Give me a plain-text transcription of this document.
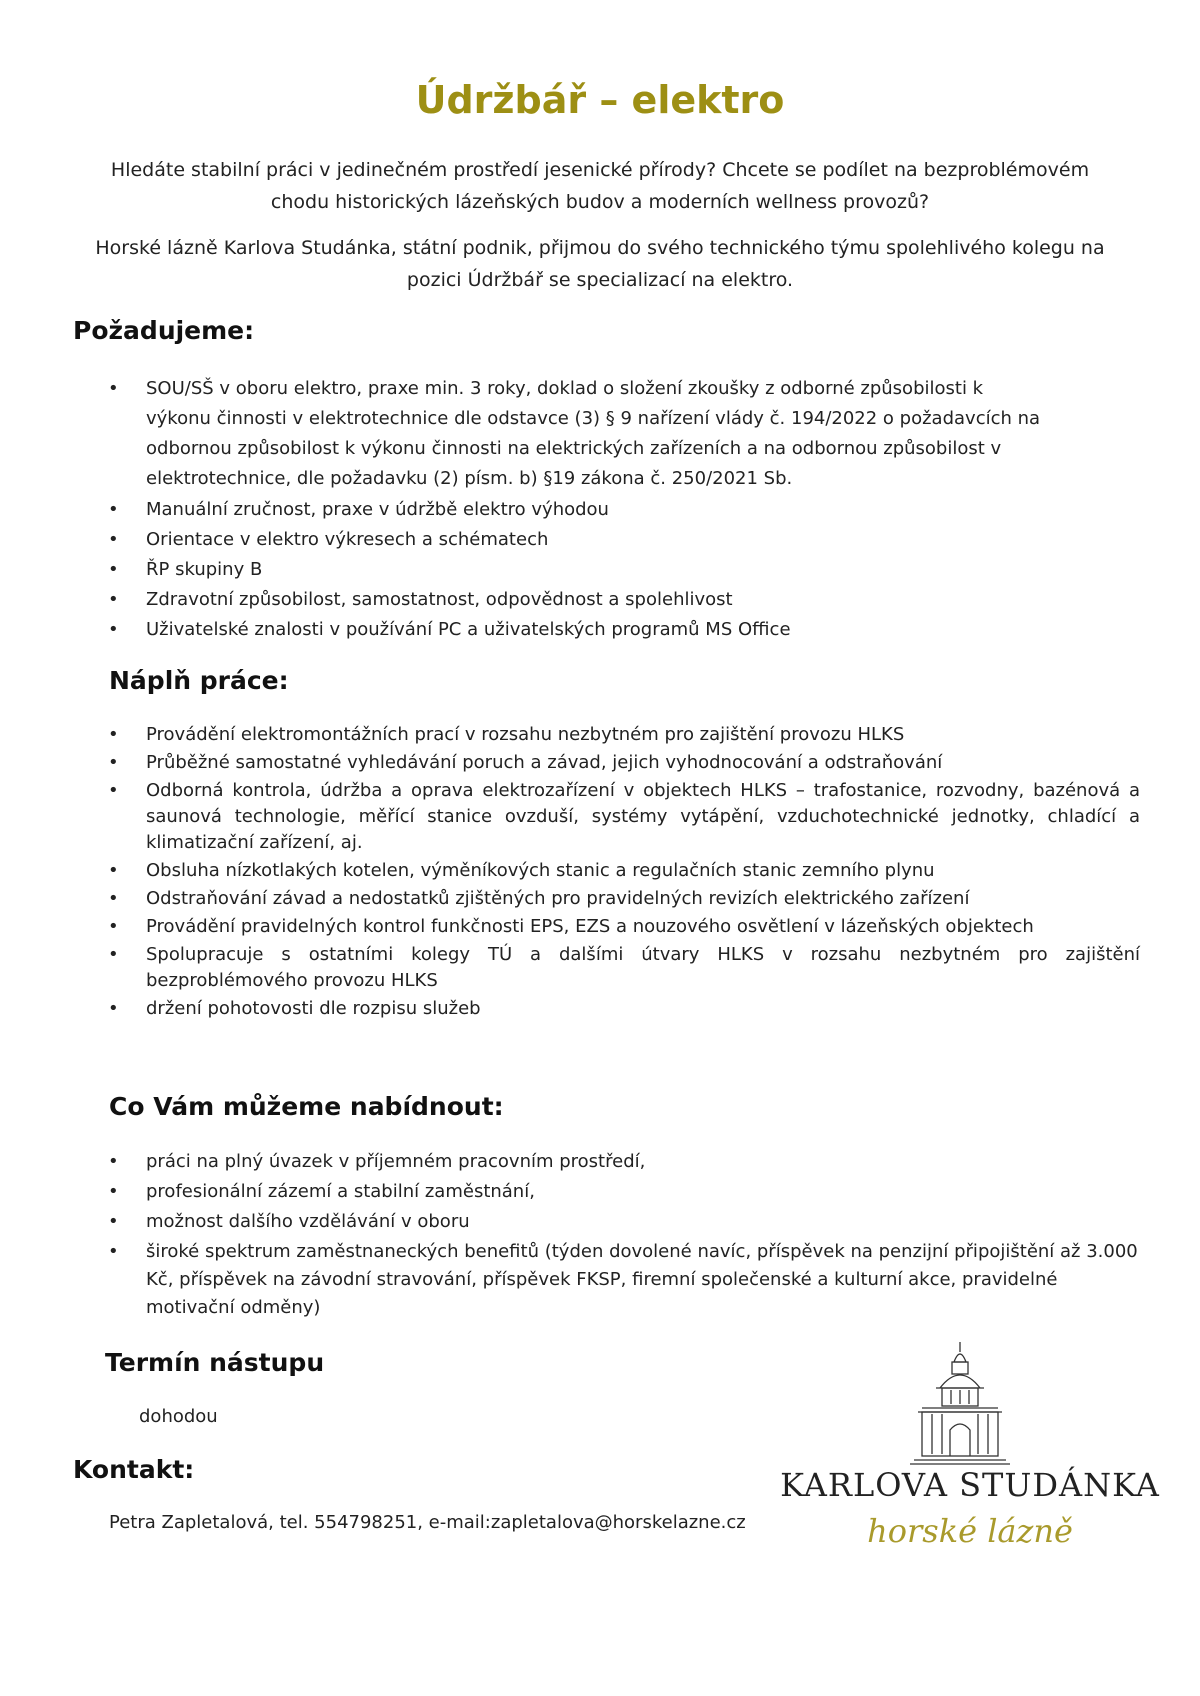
Údržbář – elektro

Hledáte stabilní práci v jedinečném prostředí jesenické přírody? Chcete se podílet na bezproblémovém chodu historických lázeňských budov a moderních wellness provozů?

Horské lázně Karlova Studánka, státní podnik, přijmou do svého technického týmu spolehlivého kolegu na pozici Údržbář se specializací na elektro.

Požadujeme:
• SOU/SŠ v oboru elektro, praxe min. 3 roky, doklad o složení zkoušky z odborné způsobilosti k výkonu činnosti v elektrotechnice dle odstavce (3) § 9 nařízení vlády č. 194/2022 o požadavcích na odbornou způsobilost k výkonu činnosti na elektrických zařízeních a na odbornou způsobilost v elektrotechnice, dle požadavku (2) písm. b) §19 zákona č. 250/2021 Sb.
• Manuální zručnost, praxe v údržbě elektro výhodou
• Orientace v elektro výkresech a schématech
• ŘP skupiny B
• Zdravotní způsobilost, samostatnost, odpovědnost a spolehlivost
• Uživatelské znalosti v používání PC a uživatelských programů MS Office
Náplň práce:
• Provádění elektromontážních prací v rozsahu nezbytném pro zajištění provozu HLKS
• Průběžné samostatné vyhledávání poruch a závad, jejich vyhodnocování a odstraňování
• Odborná kontrola, údržba a oprava elektrozařízení v objektech HLKS – trafostanice, rozvodny, bazénová a saunová technologie, měřící stanice ovzduší, systémy vytápění, vzduchotechnické jednotky, chladící a klimatizační zařízení, aj.
• Obsluha nízkotlakých kotelen, výměníkových stanic a regulačních stanic zemního plynu
• Odstraňování závad a nedostatků zjištěných pro pravidelných revizích elektrického zařízení
• Provádění pravidelných kontrol funkčnosti EPS, EZS a nouzového osvětlení v lázeňských objektech
• Spolupracuje s ostatními kolegy TÚ a dalšími útvary HLKS v rozsahu nezbytném pro zajištění bezproblémového provozu HLKS
• držení pohotovosti dle rozpisu služeb
Co Vám můžeme nabídnout:
• práci na plný úvazek v příjemném pracovním prostředí,
• profesionální zázemí a stabilní zaměstnání,
• možnost dalšího vzdělávání v oboru
• široké spektrum zaměstnaneckých benefitů (týden dovolené navíc, příspěvek na penzijní připojištění až 3.000 Kč, příspěvek na závodní stravování, příspěvek FKSP, firemní společenské a kulturní akce, pravidelné motivační odměny)
Termín nástupu

dohodou

Kontakt:

Petra Zapletalová, tel. 554798251, e-mail:zapletalova@horskelazne.cz

KARLOVA STUDÁNKA
horské lázně
